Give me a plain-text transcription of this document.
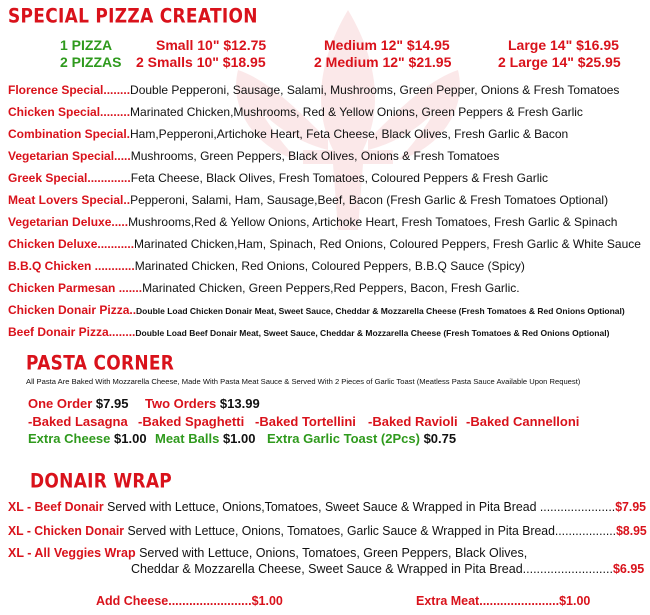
SPECIAL PIZZA CREATION
1 PIZZA	Small 10" $12.75	Medium 12" $14.95	Large 14" $16.95
2 PIZZAS 2 Smalls 10" $18.95	2 Medium 12" $21.95	2 Large 14" $25.95
Florence Special........Double Pepperoni, Sausage, Salami, Mushrooms, Green Pepper, Onions & Fresh Tomatoes
Chicken Special.........Marinated Chicken,Mushrooms, Red & Yellow Onions, Green Peppers & Fresh Garlic
Combination Special.Ham,Pepperoni,Artichoke Heart, Feta Cheese, Black Olives, Fresh Garlic & Bacon
Vegetarian Special.....Mushrooms, Green Peppers, Black Olives, Onions & Fresh Tomatoes
Greek Special.............Feta Cheese, Black Olives, Fresh Tomatoes, Coloured Peppers & Fresh Garlic
Meat Lovers Special..Pepperoni, Salami, Ham, Sausage,Beef, Bacon (Fresh Garlic & Fresh Tomatoes Optional)
Vegetarian Deluxe.....Mushrooms,Red & Yellow Onions, Artichoke Heart, Fresh Tomatoes, Fresh Garlic & Spinach
Chicken Deluxe...........Marinated Chicken,Ham, Spinach, Red Onions, Coloured Peppers, Fresh Garlic & White Sauce
B.B.Q Chicken ............Marinated Chicken, Red Onions, Coloured Peppers, B.B.Q Sauce (Spicy)
Chicken Parmesan .......Marinated Chicken, Green Peppers,Red Peppers, Bacon, Fresh Garlic.
Chicken Donair Pizza..Double Load Chicken Donair Meat, Sweet Sauce, Cheddar & Mozzarella Cheese (Fresh Tomatoes & Red Onions Optional)
Beef Donair Pizza........Double Load Beef Donair Meat, Sweet Sauce, Cheddar & Mozzarella Cheese (Fresh Tomatoes & Red Onions Optional)
PASTA CORNER
All Pasta Are Baked With Mozzarella Cheese, Made With Pasta Meat Sauce & Served With 2 Pieces of Garlic Toast (Meatless Pasta Sauce Available Upon Request)
One Order $7.95 Two Orders $13.99
-Baked Lasagna -Baked Spaghetti -Baked Tortellini -Baked Ravioli -Baked Cannelloni
Extra Cheese $1.00 Meat Balls $1.00 Extra Garlic Toast (2Pcs) $0.75
DONAIR WRAP
XL - Beef Donair Served with Lettuce, Onions,Tomatoes, Sweet Sauce & Wrapped in Pita Bread ......................$7.95
XL - Chicken Donair Served with Lettuce, Onions, Tomatoes, Garlic Sauce & Wrapped in Pita Bread..................$8.95
XL - All Veggies Wrap Served with Lettuce, Onions, Tomatoes, Green Peppers, Black Olives,
Cheddar & Mozzarella Cheese, Sweet Sauce & Wrapped in Pita Bread..........................$6.95
Add Cheese........................$1.00	Extra Meat.......................$1.00
